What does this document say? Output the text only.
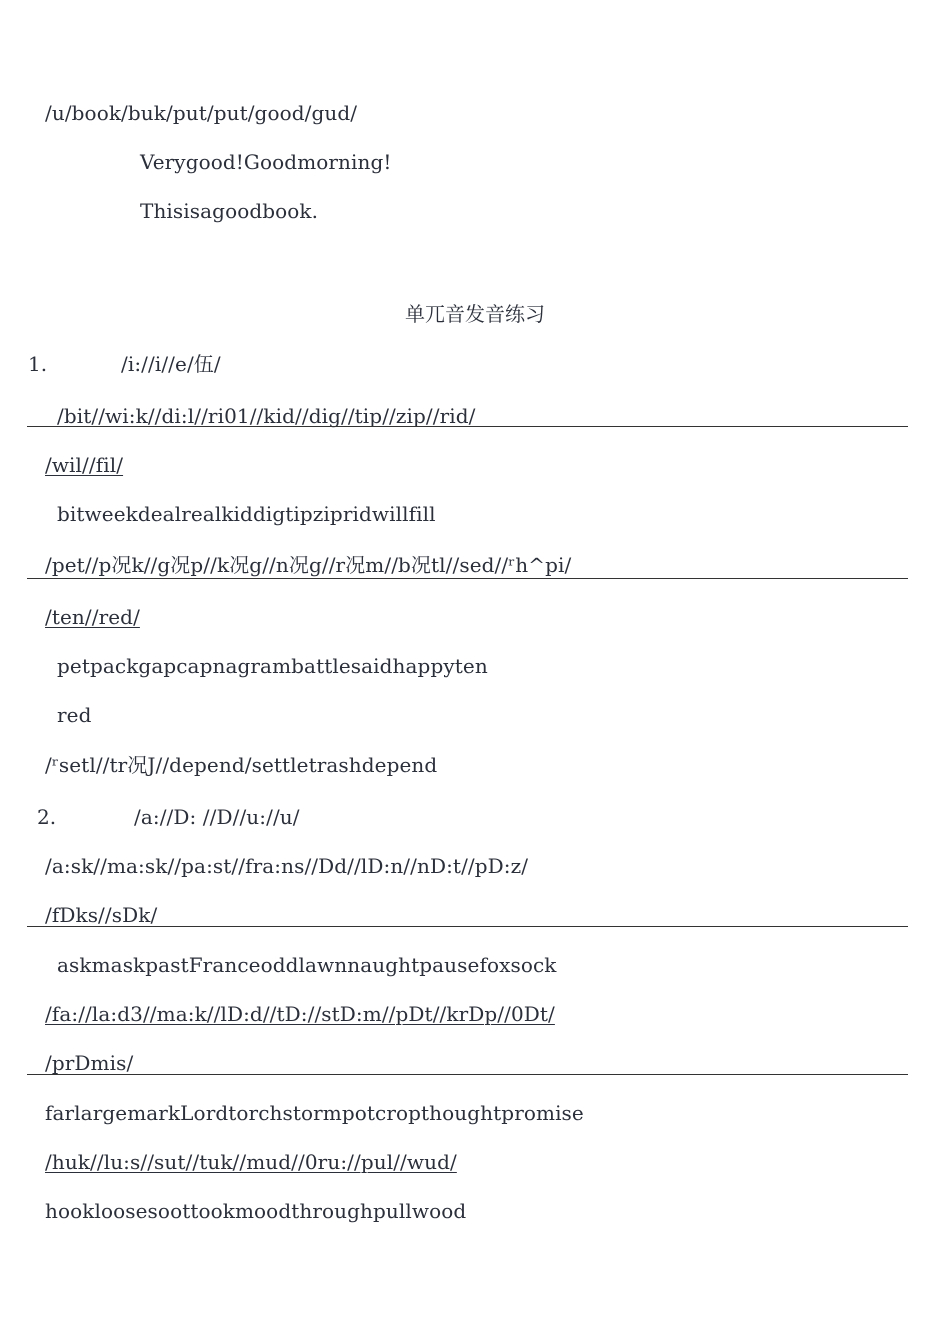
/u/book/buk/put/put/good/gud/
Verygood!Goodmorning!
Thisisagoodbook.
单兀音发音练习
1.	/i://i//e/伍/
/bit//wi:k//di:l//ri01//kid//dig//tip//zip//rid/
/wil//fil/
bitweekdealrealkiddigtipzipridwillfill
/pet//p况k//g况p//k况g//n况g//r况m//b况tl//sed//ʳh^pi/
/ten//red/
petpackgapcapnagrambattlesaidhappyten
red
/ʳsetl//tr况J//depend/settletrashdepend
2.	/a://D: //D//u://u/
/a:sk//ma:sk//pa:st//fra:ns//Dd//lD:n//nD:t//pD:z/
/fDks//sDk/
askmaskpastFranceoddlawnnaughtpausefoxsock
/fa://la:d3//ma:k//lD:d//tD://stD:m//pDt//krDp//0Dt/
/prDmis/
farlargemarkLordtorchstormpotcropthoughtpromise
/huk//lu:s//sut//tuk//mud//0ru://pul//wud/
hookloosesoottookmoodthroughpullwood
